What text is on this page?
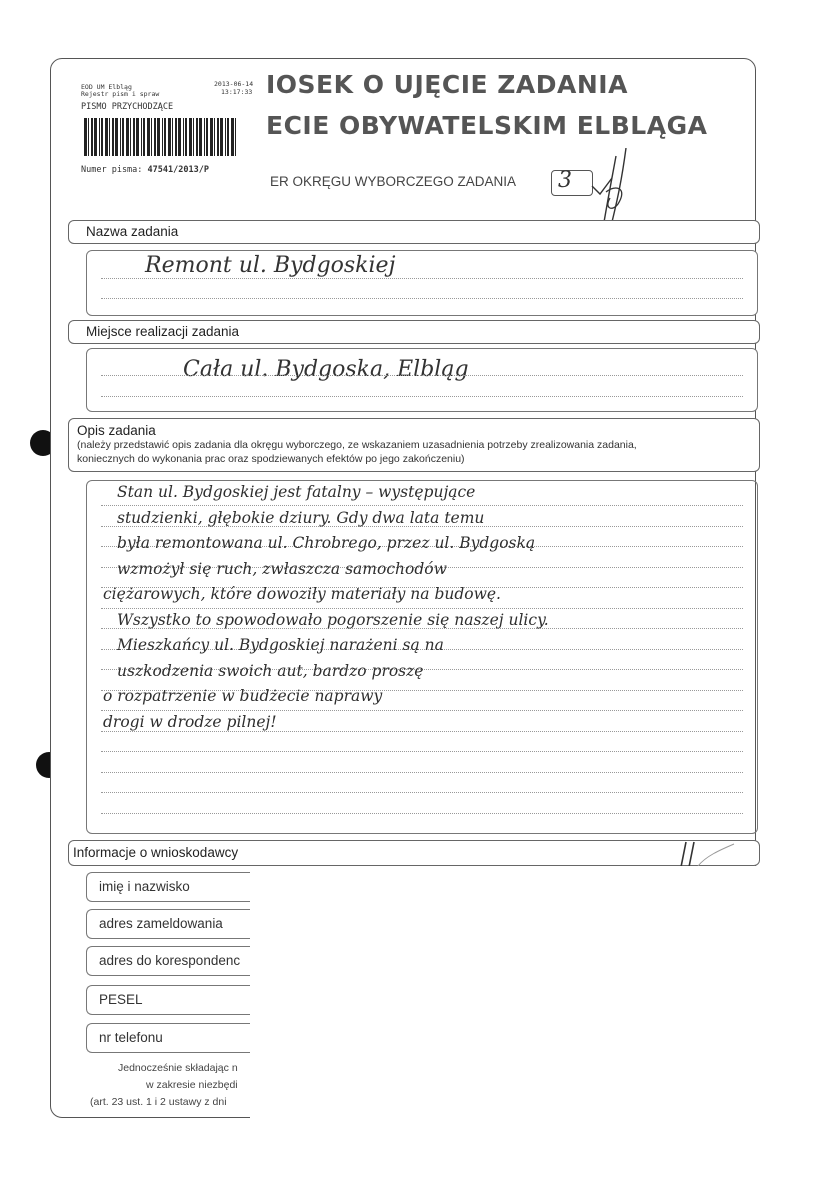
IOSEK O UJĘCIE ZADANIA
ECIE OBYWATELSKIM ELBLĄGA
EOD UM Elbląg
Rejestr pism i spraw
2013-06-14
13:17:33
PISMO PRZYCHODZĄCE
Numer pisma: 47541/2013/P
ER OKRĘGU WYBORCZEGO ZADANIA 3
Nazwa zadania
Remont ul. Bydgoskiej
Miejsce realizacji zadania
Cała ul. Bydgoska, Elbląg
Opis zadania
(należy przedstawić opis zadania dla okręgu wyborczego, ze wskazaniem uzasadnienia potrzeby zrealizowania zadania,
koniecznych do wykonania prac oraz spodziewanych efektów po jego zakończeniu)
Stan ul. Bydgoskiej jest fatalny – występujące
studzienki, głębokie dziury. Gdy dwa lata temu
była remontowana ul. Chrobrego, przez ul. Bydgoską
wzmożył się ruch, zwłaszcza samochodów
ciężarowych, które dowoziły materiały na budowę.
Wszystko to spowodowało pogorszenie się naszej ulicy.
Mieszkańcy ul. Bydgoskiej narażeni są na
uszkodzenia swoich aut, bardzo proszę
o rozpatrzenie w budżecie naprawy
drogi w drodze pilnej!
Informacje o wnioskodawcy
imię i nazwisko
adres zameldowania
adres do korespondenc
PESEL
nr telefonu
Jednocześnie składając n
w zakresie niezbędi
(art. 23 ust. 1 i 2 ustawy z dni
